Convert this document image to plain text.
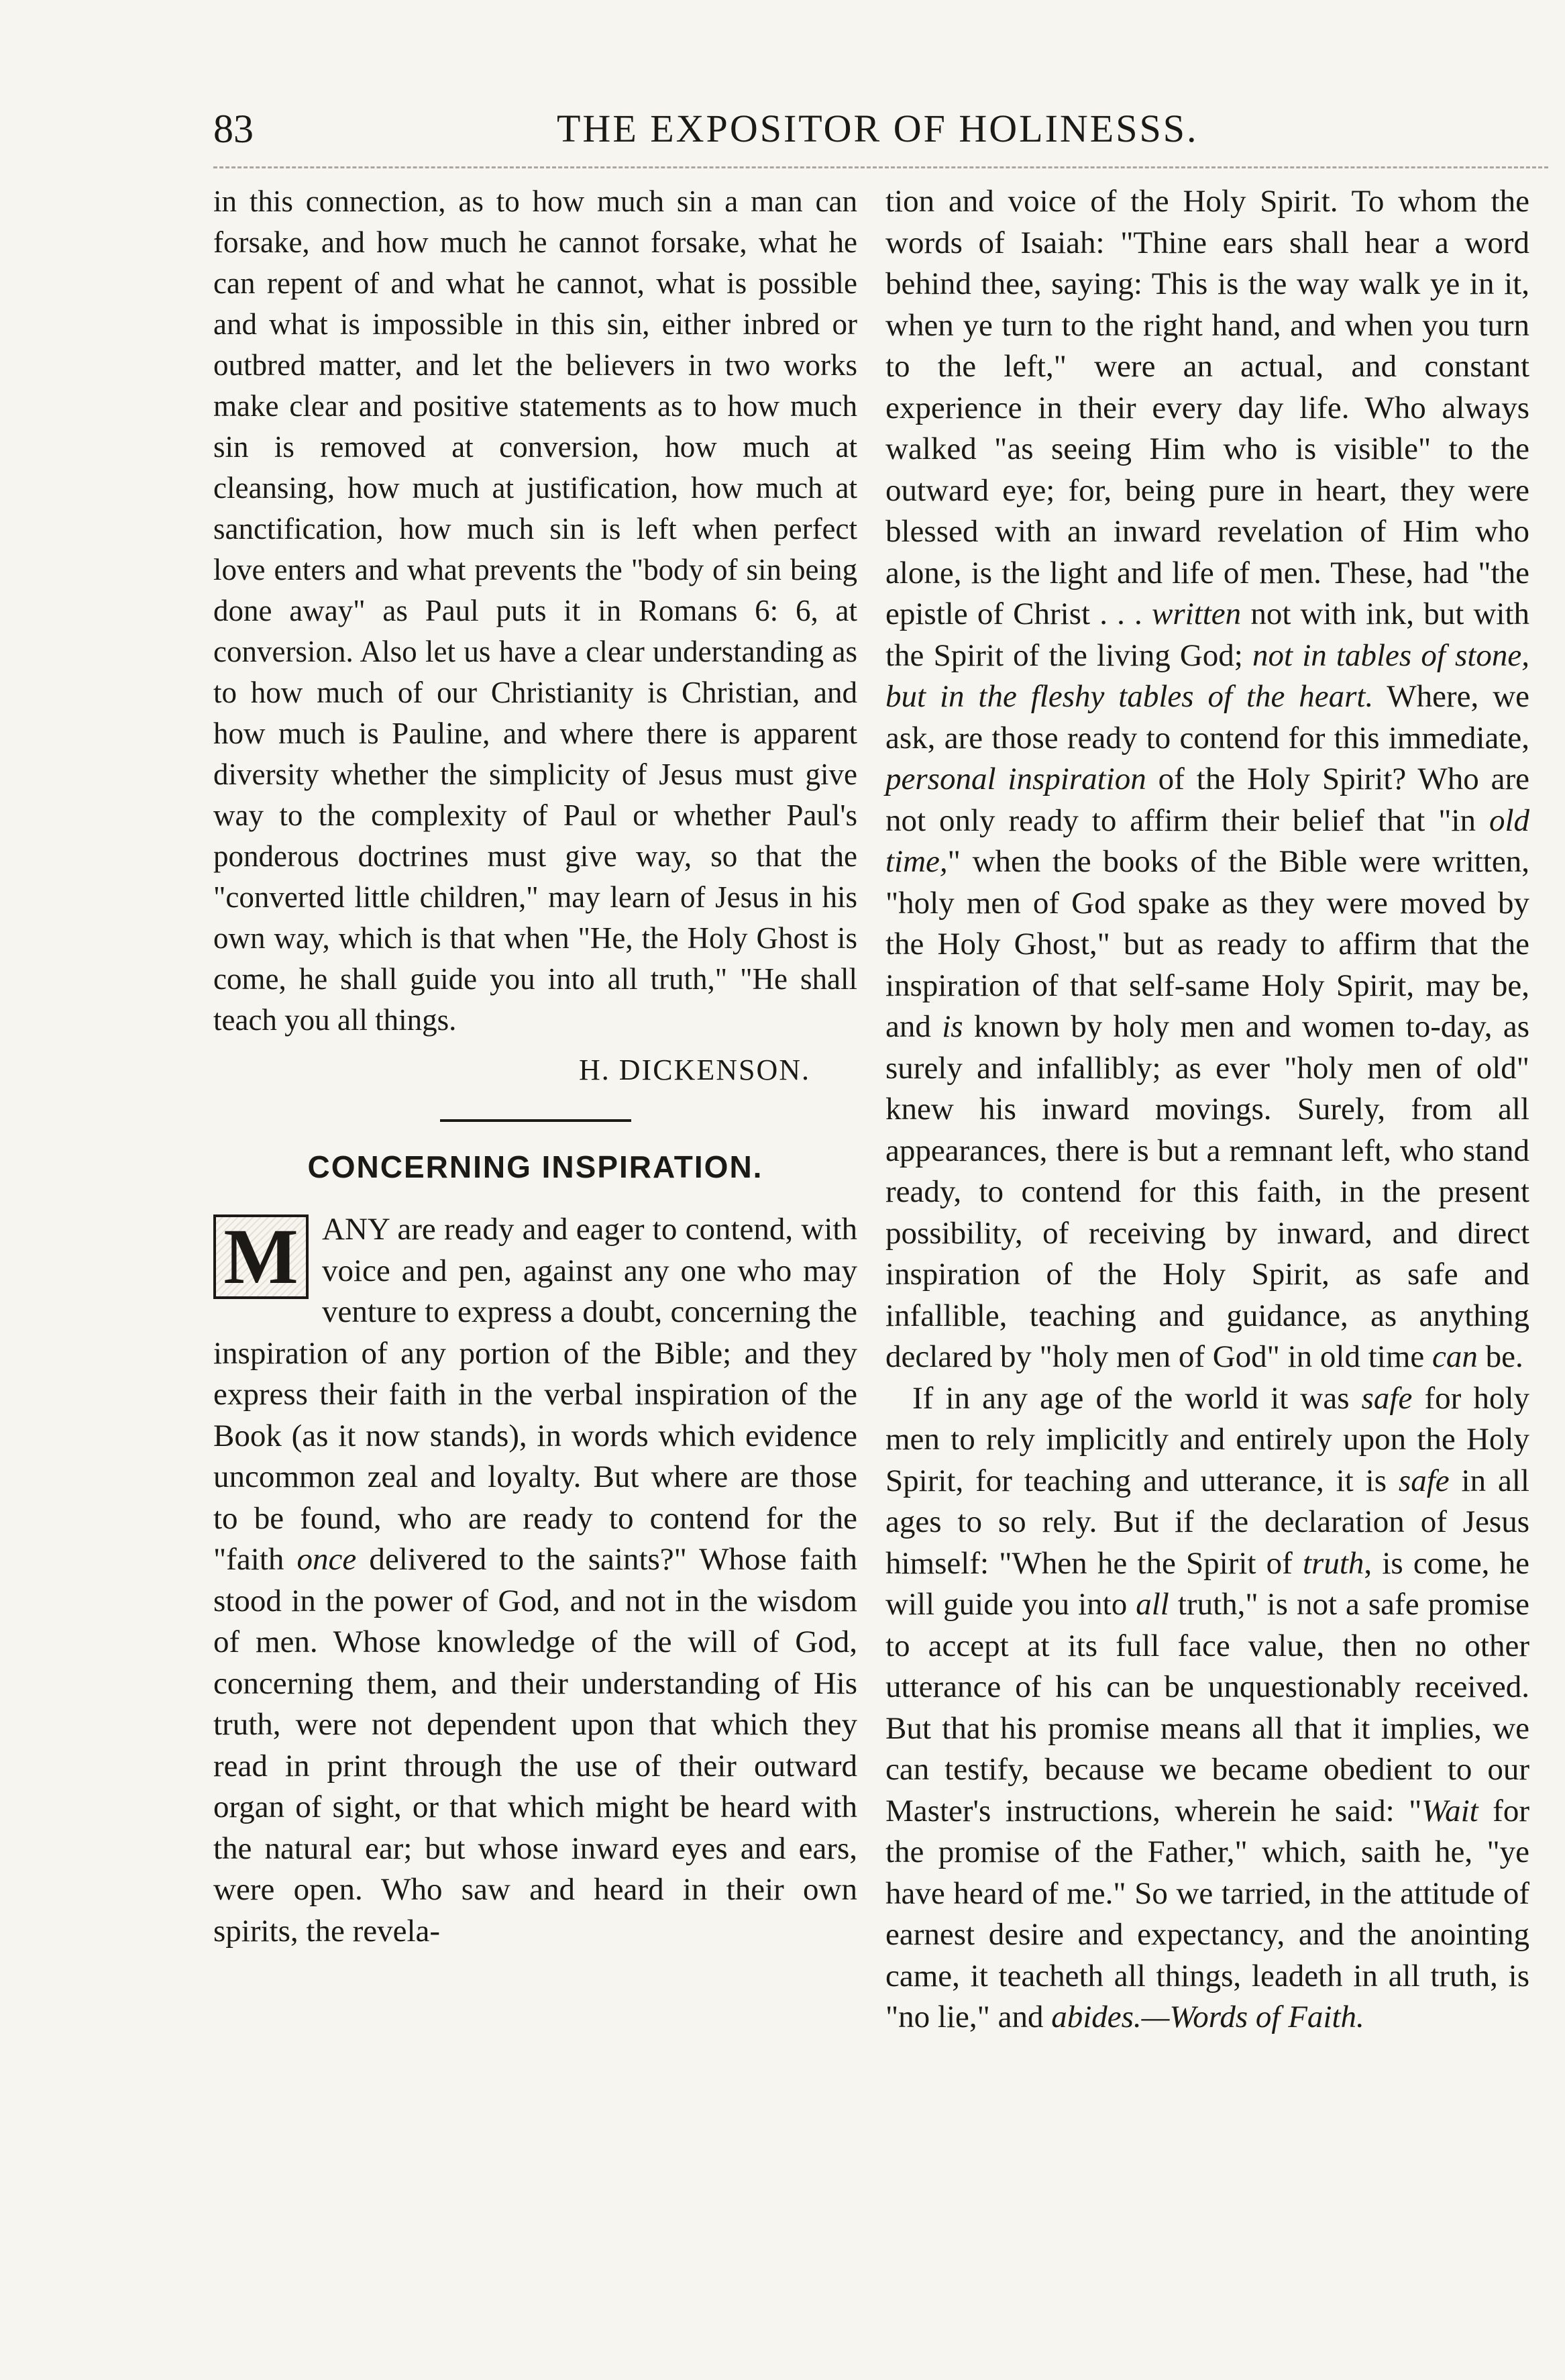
83	THE EXPOSITOR OF HOLINESSS.

in this connection, as to how much sin a man can forsake, and how much he cannot forsake, what he can repent of and what he cannot, what is possible and what is impossible in this sin, either inbred or outbred matter, and let the believers in two works make clear and positive statements as to how much sin is removed at conversion, how much at cleansing, how much at justification, how much at sanctification, how much sin is left when perfect love enters and what prevents the "body of sin being done away" as Paul puts it in Romans 6: 6, at conversion. Also let us have a clear understanding as to how much of our Christianity is Christian, and how much is Pauline, and where there is apparent diversity whether the simplicity of Jesus must give way to the complexity of Paul or whether Paul's ponderous doctrines must give way, so that the "converted little children," may learn of Jesus in his own way, which is that when "He, the Holy Ghost is come, he shall guide you into all truth," "He shall teach you all things.

H. DICKENSON.
CONCERNING INSPIRATION.

M ANY are ready and eager to contend, with voice and pen, against any one who may venture to express a doubt, concerning the inspiration of any portion of the Bible; and they express their faith in the verbal inspiration of the Book (as it now stands), in words which evidence uncommon zeal and loyalty. But where are those to be found, who are ready to contend for the "faith once delivered to the saints?" Whose faith stood in the power of God, and not in the wisdom of men. Whose knowledge of the will of God, concerning them, and their understanding of His truth, were not dependent upon that which they read in print through the use of their outward organ of sight, or that which might be heard with the natural ear; but whose inward eyes and ears, were open. Who saw and heard in their own spirits, the revela-

tion and voice of the Holy Spirit. To whom the words of Isaiah: "Thine ears shall hear a word behind thee, saying: This is the way walk ye in it, when ye turn to the right hand, and when you turn to the left," were an actual, and constant experience in their every day life. Who always walked "as seeing Him who is visible" to the outward eye; for, being pure in heart, they were blessed with an inward revelation of Him who alone, is the light and life of men. These, had "the epistle of Christ . . . written not with ink, but with the Spirit of the living God; not in tables of stone, but in the fleshy tables of the heart. Where, we ask, are those ready to contend for this immediate, personal inspiration of the Holy Spirit? Who are not only ready to affirm their belief that "in old time," when the books of the Bible were written, "holy men of God spake as they were moved by the Holy Ghost," but as ready to affirm that the inspiration of that self-same Holy Spirit, may be, and is known by holy men and women to-day, as surely and infallibly; as ever "holy men of old" knew his inward movings. Surely, from all appearances, there is but a remnant left, who stand ready, to contend for this faith, in the present possibility, of receiving by inward, and direct inspiration of the Holy Spirit, as safe and infallible, teaching and guidance, as anything declared by "holy men of God" in old time can be.

If in any age of the world it was safe for holy men to rely implicitly and entirely upon the Holy Spirit, for teaching and utterance, it is safe in all ages to so rely. But if the declaration of Jesus himself: "When he the Spirit of truth, is come, he will guide you into all truth," is not a safe promise to accept at its full face value, then no other utterance of his can be unquestionably received. But that his promise means all that it implies, we can testify, because we became obedient to our Master's instructions, wherein he said: "Wait for the promise of the Father," which, saith he, "ye have heard of me." So we tarried, in the attitude of earnest desire and expectancy, and the anointing came, it teacheth all things, leadeth in all truth, is "no lie," and abides.—Words of Faith.
